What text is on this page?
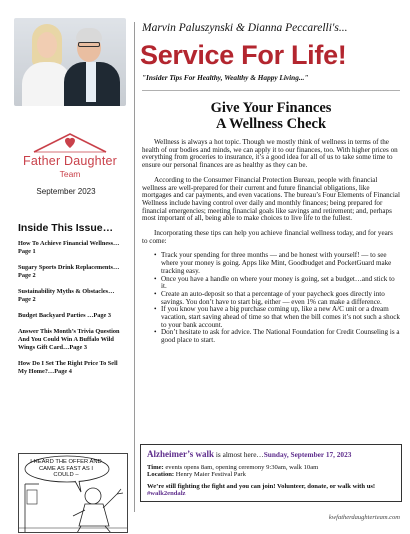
Father Daughter
Team
September 2023
Inside This Issue…
How To Achieve Financial Wellness…Page 1
Sugary Sports Drink Replacements…Page 2
Sustainability Myths & Obstacles…Page 2
Budget Backyard Parties …Page 3
Answer This Month’s Trivia Question And You Could Win A Buffalo Wild Wings Gift Card…Page 3
How Do I Set The Right Price To Sell My Home?…Page 4
I HEARD THE OFFER AND CAME AS FAST AS I COULD –
Marvin Paluszynski & Dianna Peccarelli's...
Service For Life!
"Insider Tips For Healthy, Wealthy & Happy Living..."
Give Your Finances
A Wellness Check

Wellness is always a hot topic. Though we mostly think of wellness in terms of the health of our bodies and minds, we can apply it to our finances, too. With higher prices on everything from groceries to insurance, it’s a good idea for all of us to take some time to ensure our personal finances are as healthy as they can be.

According to the Consumer Financial Protection Bureau, people with financial wellness are well-prepared for their current and future financial obligations, like mortgages and car payments, and even vacations. The bureau’s Four Elements of Financial Wellness include having control over daily and monthly finances; being prepared for financial emergencies; meeting financial goals like savings and retirement; and, perhaps most important of all, being able to make choices to live life to the fullest.

Incorporating these tips can help you achieve financial wellness today, and for years to come:

• Track your spending for three months — and be honest with yourself! — to see where your money is going. Apps like Mint, Goodbudget and PocketGuard make tracking easy.
• Once you have a handle on where your money is going, set a budget…and stick to it.
• Create an auto-deposit so that a percentage of your paycheck goes directly into savings. You don’t have to start big, either — even 1% can make a difference.
• If you know you have a big purchase coming up, like a new A/C unit or a dream vacation, start saving ahead of time so that when the bill comes it’s not such a shock to your bank account.
• Don’t hesitate to ask for advice. The National Foundation for Credit Counseling is a good place to start.
Alzheimer’s walk is almost here…Sunday, September 17, 2023
Time: events opens 8am, opening ceremony 9:30am, walk 10am
Location: Henry Maier Festival Park
We’re still fighting the fight and you can join! Volunteer, donate, or walk with us! #walk2endalz
kwfatherdaughterteam.com
